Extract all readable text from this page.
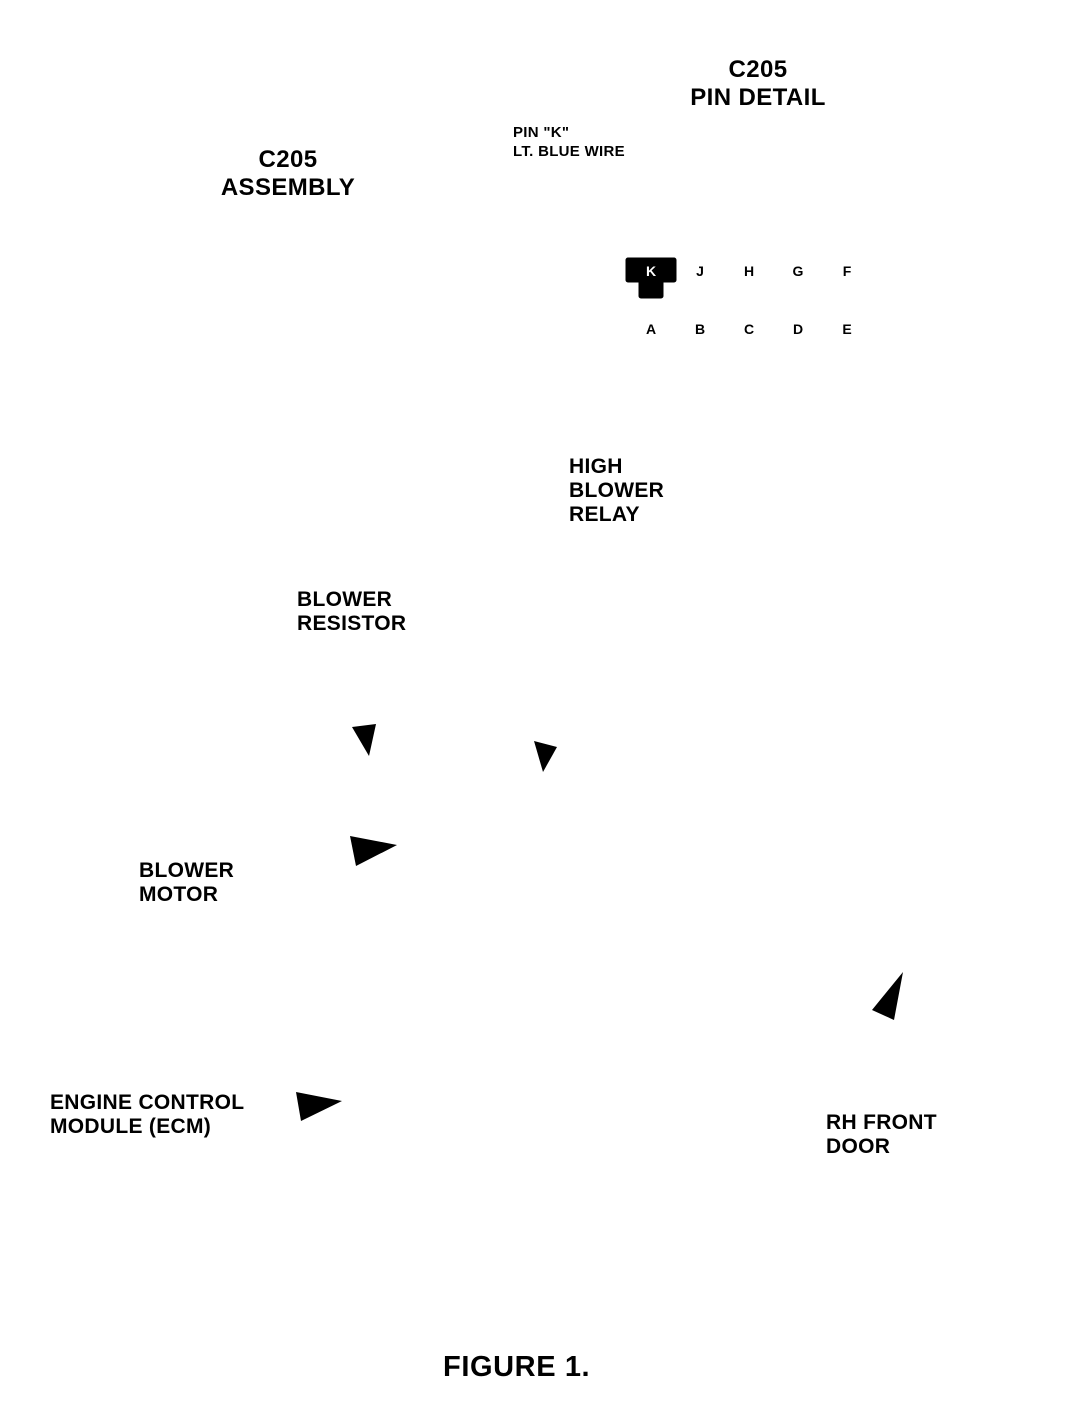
K	J	H	G	F
A	B	C	D	E
C205
ASSEMBLY
C205
PIN DETAIL
PIN "K"
LT. BLUE WIRE
HIGH
BLOWER
RELAY
BLOWER
RESISTOR
BLOWER
MOTOR
ENGINE CONTROL
MODULE (ECM)	RH FRONT
DOOR
FIGURE 1.
